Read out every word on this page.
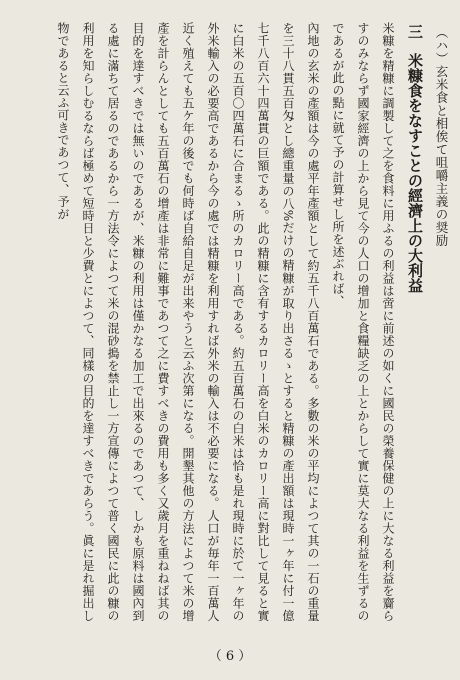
（ハ）玄米食と相俟て咀嚼主義の奨励

三米糠食をなすことの經濟上の大利益

米糠を精糠に調製して之を食料に用ふるの利益は啻に前述の如くに國民の榮養保健の上に大なる利益を齎らすのみならず國家經濟の上から見て今の人口の增加と食糧缺乏の上とからして實に莫大なる利益を生ずるのであるが此の點に就て予の計算せし所を述ぶれば、

內地の玄米の產額は今の處平年產額として約五千八百萬石である。多數の米の平均によつて其の一石の重量を三十八貫五百匁とし總重量の八%だけの精糠が取り出さるゝとすると精糠の產出額は現時一ヶ年に付一億七千八百六十四萬貫の巨額である。此の精糠に含有するカロリー高を白米のカロリー高に對比して見ると實に白米の五百〇四萬石に合まるゝ所のカロリー高である。約五百萬石の白米は恰も是れ現時に於て一ヶ年の外米輸入の必要高であるから今の處では精糠を利用すれば外米の輸入は不必要になる。人口が毎年一百萬人近く殖えても五ケ年の後でも何時ば自給自足が出来やうと云ふ次第になる。開墾其他の方法によつて米の增產を計らんとしても五百萬石の增產は非常に難事であつて之に費すべきの費用も多く又歲月を重ねねば其の目的を達すべきでは無いのであるが、米糠の利用は僅かなる加工で出來るのであつて、しかも原料は國內到る處に滿ちて居るのであるから一方法令によつて米の混砂搗を禁止し一方宣傳によつて普く國民に此の糠の利用を知らしむるならば極めて短時日と少費とによつて、同樣の目的を達すべきであらう。眞に是れ掘出し物であると云ふ可きであつて、予が

（ 6 ）
